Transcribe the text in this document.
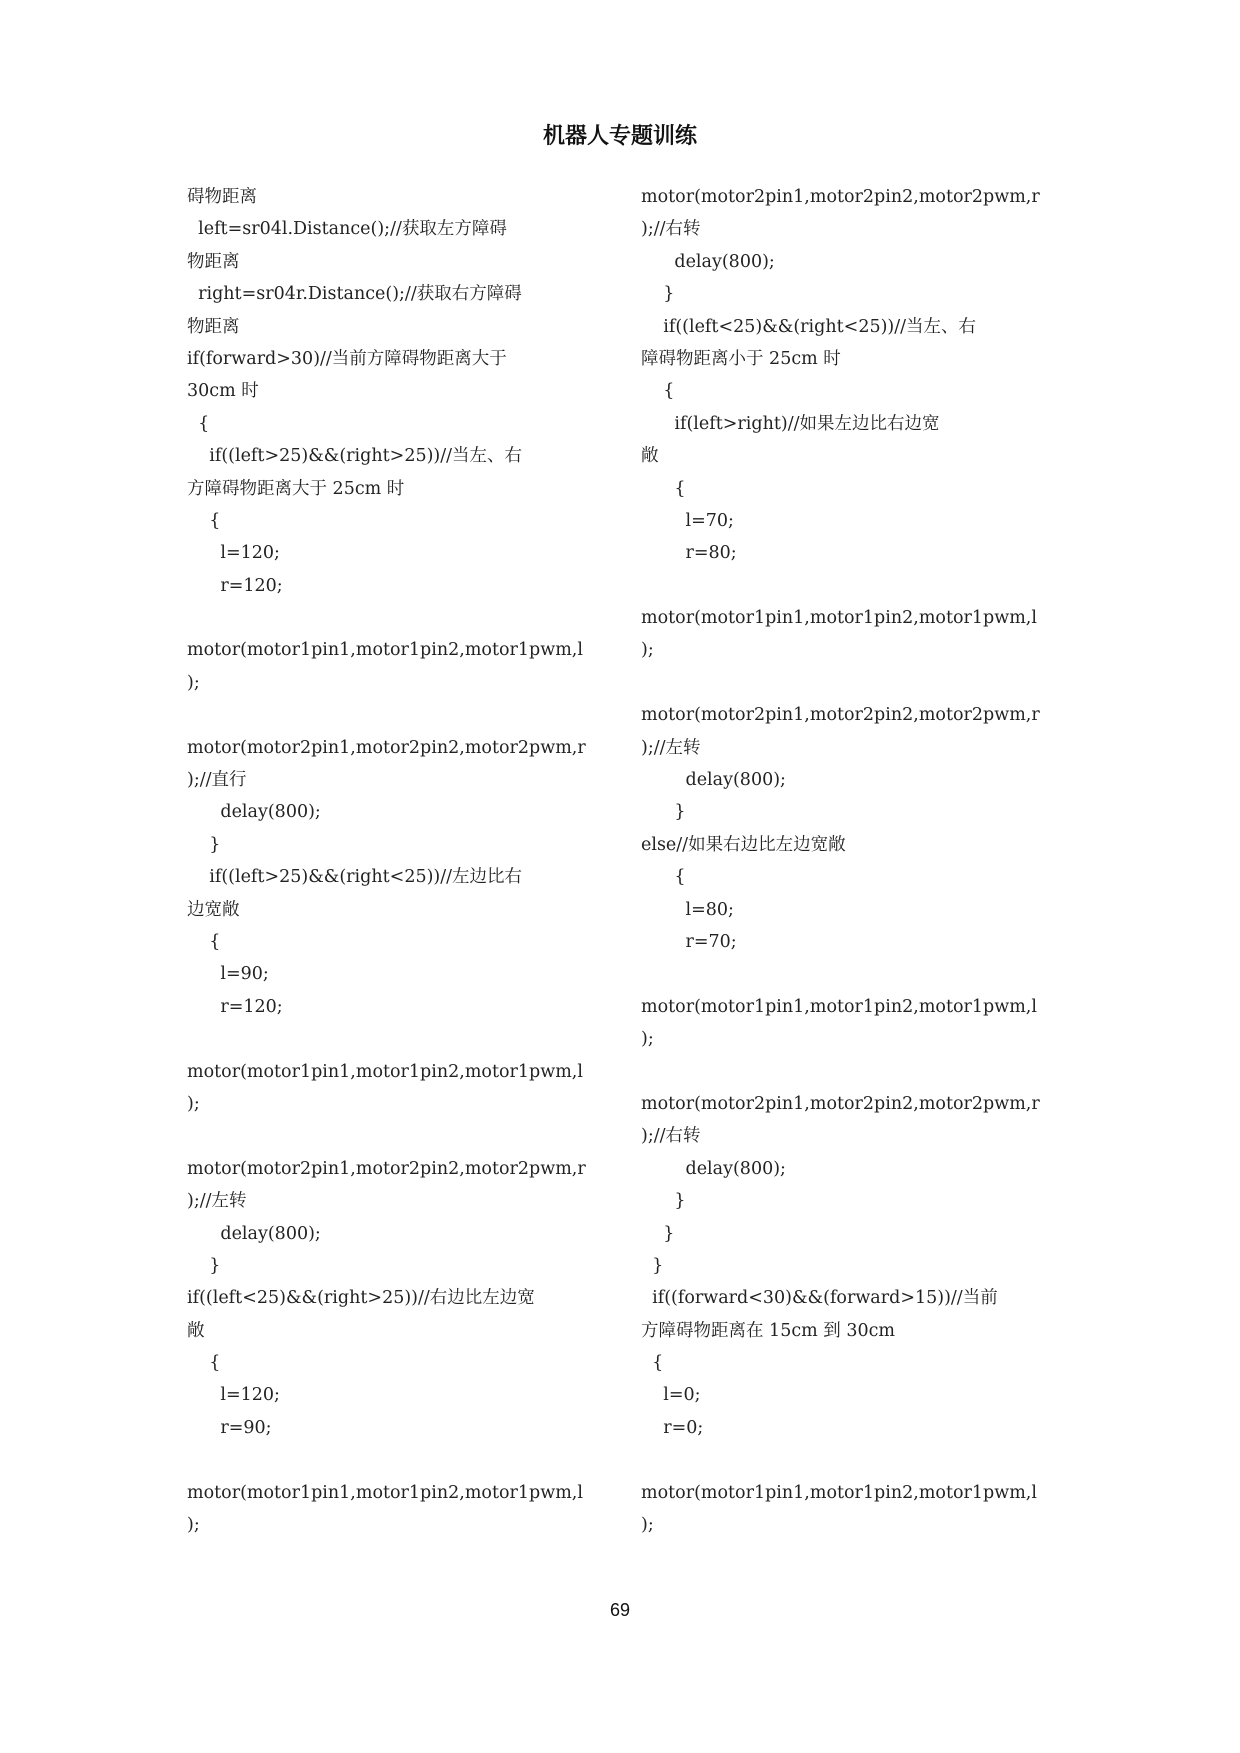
机器人专题训练
碍物距离
left=sr04l.Distance();//获取左方障碍
物距离
right=sr04r.Distance();//获取右方障碍
物距离
if(forward>30)//当前方障碍物距离大于
30cm 时
{
if((left>25)&&(right>25))//当左、右
方障碍物距离大于 25cm 时
{
l=120;
r=120;
motor(motor1pin1,motor1pin2,motor1pwm,l
);
motor(motor2pin1,motor2pin2,motor2pwm,r
);//直行
delay(800);
}
if((left>25)&&(right<25))//左边比右
边宽敞
{
l=90;
r=120;
motor(motor1pin1,motor1pin2,motor1pwm,l
);
motor(motor2pin1,motor2pin2,motor2pwm,r
);//左转
delay(800);
}
if((left<25)&&(right>25))//右边比左边宽
敞
{
l=120;
r=90;
motor(motor1pin1,motor1pin2,motor1pwm,l
);
motor(motor2pin1,motor2pin2,motor2pwm,r
);//右转
delay(800);
}
if((left<25)&&(right<25))//当左、右
障碍物距离小于 25cm 时
{
if(left>right)//如果左边比右边宽
敞
{
l=70;
r=80;
motor(motor1pin1,motor1pin2,motor1pwm,l
);
motor(motor2pin1,motor2pin2,motor2pwm,r
);//左转
delay(800);
}
else//如果右边比左边宽敞
{
l=80;
r=70;
motor(motor1pin1,motor1pin2,motor1pwm,l
);
motor(motor2pin1,motor2pin2,motor2pwm,r
);//右转
delay(800);
}
}
}
if((forward<30)&&(forward>15))//当前
方障碍物距离在 15cm 到 30cm
{
l=0;
r=0;
motor(motor1pin1,motor1pin2,motor1pwm,l
);
69
